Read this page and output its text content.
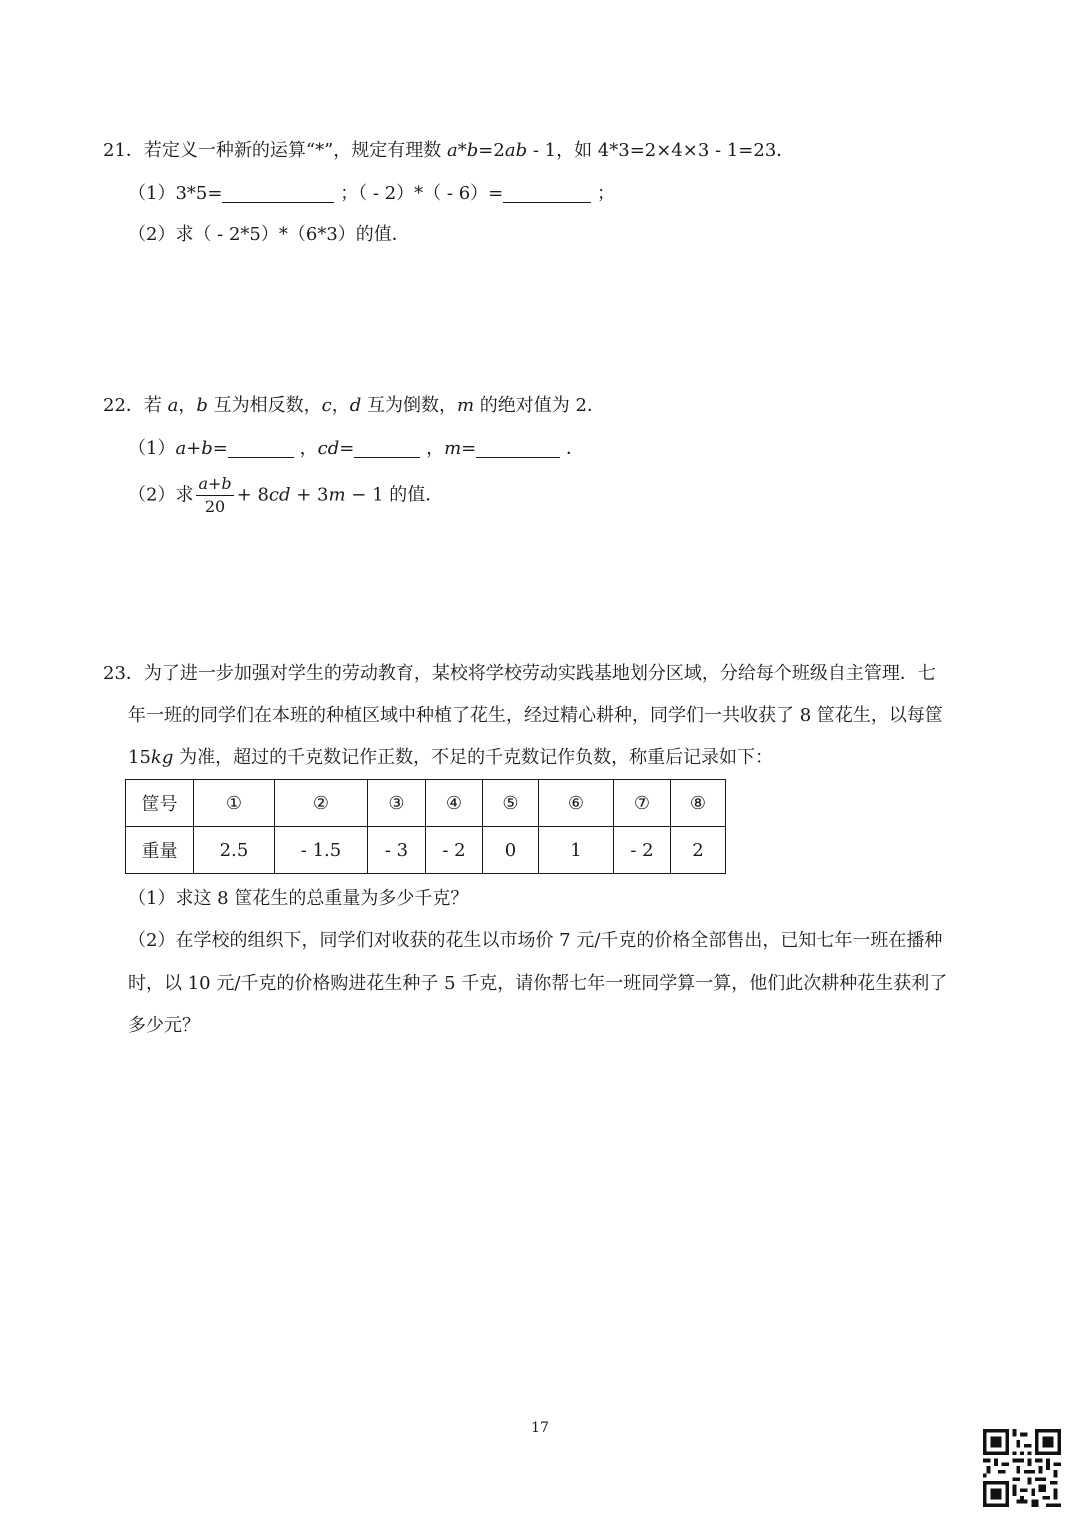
21．若定义一种新的运算“*”，规定有理数 a*b=2ab - 1，如 4*3=2×4×3 - 1=23．
（1）3*5=	；（ - 2）*（ - 6）=	；
（2）求（ - 2*5）*（6*3）的值．
22．若 a，b 互为相反数，c，d 互为倒数，m 的绝对值为 2．
（1）a+b=	，cd=	，m=	．
（2）求 $\frac{a+b}{20} + 8cd + 3m - 1$ 的值．
23．为了进一步加强对学生的劳动教育，某校将学校劳动实践基地划分区域，分给每个班级自主管理．七
年一班的同学们在本班的种植区域中种植了花生，经过精心耕种，同学们一共收获了 8 筐花生，以每筐
15kg 为准，超过的千克数记作正数，不足的千克数记作负数，称重后记录如下：
筐号	①	②	③	④	⑤	⑥	⑦	⑧
重量	2.5	- 1.5	- 3	- 2	0	1	- 2	2
（1）求这 8 筐花生的总重量为多少千克？
（2）在学校的组织下，同学们对收获的花生以市场价 7 元/千克的价格全部售出，已知七年一班在播种
时，以 10 元/千克的价格购进花生种子 5 千克，请你帮七年一班同学算一算，他们此次耕种花生获利了
多少元？
17
